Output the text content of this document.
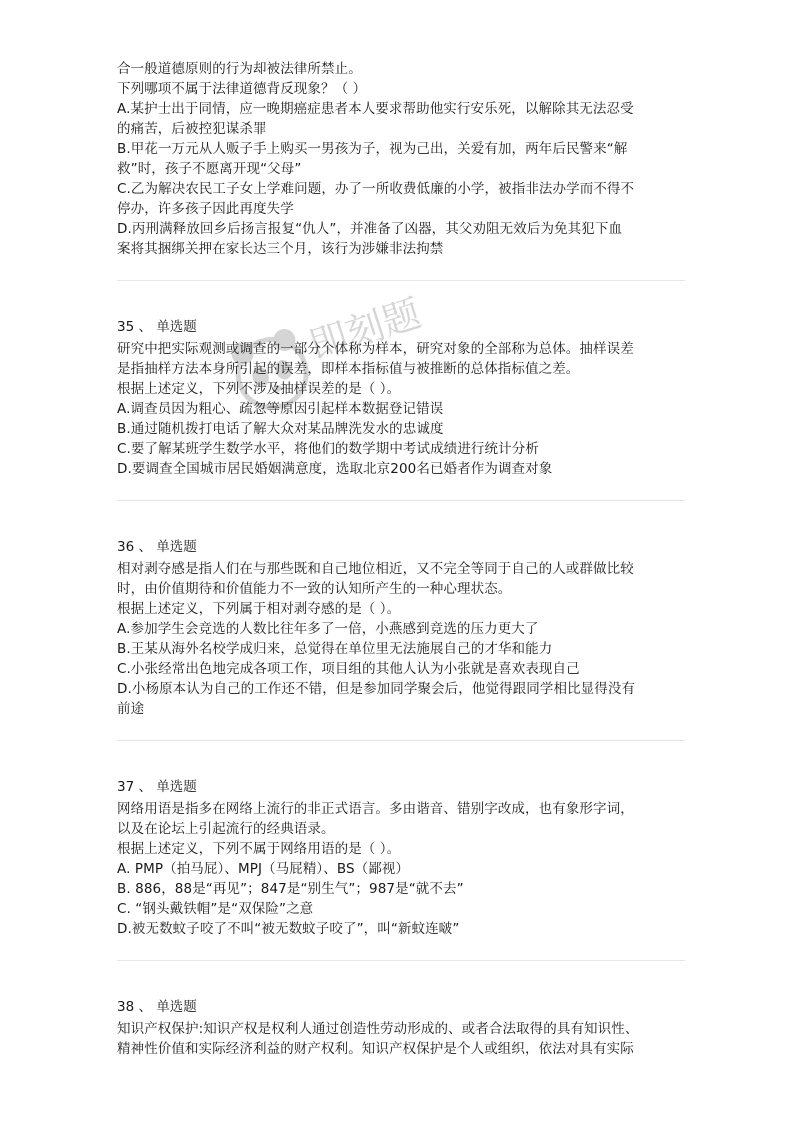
即刻题
合一般道德原则的行为却被法律所禁止。
下列哪项不属于法律道德背反现象？（ ）
A.某护士出于同情，应一晚期癌症患者本人要求帮助他实行安乐死，以解除其无法忍受
的痛苦，后被控犯谋杀罪
B.甲花一万元从人贩子手上购买一男孩为子，视为己出，关爱有加，两年后民警来“解
救”时，孩子不愿离开现“父母”
C.乙为解决农民工子女上学难问题，办了一所收费低廉的小学，被指非法办学而不得不
停办，许多孩子因此再度失学
D.丙刑满释放回乡后扬言报复“仇人”，并准备了凶器，其父劝阻无效后为免其犯下血
案将其捆绑关押在家长达三个月，该行为涉嫌非法拘禁
35 、 单选题
研究中把实际观测或调查的一部分个体称为样本，研究对象的全部称为总体。抽样误差
是指抽样方法本身所引起的误差，即样本指标值与被推断的总体指标值之差。
根据上述定义，下列不涉及抽样误差的是（ ）。
A.调查员因为粗心、疏忽等原因引起样本数据登记错误
B.通过随机拨打电话了解大众对某品牌洗发水的忠诚度
C.要了解某班学生数学水平，将他们的数学期中考试成绩进行统计分析
D.要调查全国城市居民婚姻满意度，选取北京200名已婚者作为调查对象
36 、 单选题
相对剥夺感是指人们在与那些既和自己地位相近，又不完全等同于自己的人或群做比较
时，由价值期待和价值能力不一致的认知所产生的一种心理状态。
根据上述定义，下列属于相对剥夺感的是（ ）。
A.参加学生会竞选的人数比往年多了一倍，小燕感到竞选的压力更大了
B.王某从海外名校学成归来，总觉得在单位里无法施展自己的才华和能力
C.小张经常出色地完成各项工作，项目组的其他人认为小张就是喜欢表现自己
D.小杨原本认为自己的工作还不错，但是参加同学聚会后，他觉得跟同学相比显得没有
前途
37 、 单选题
网络用语是指多在网络上流行的非正式语言。多由谐音、错别字改成，也有象形字词，
以及在论坛上引起流行的经典语录。
根据上述定义，下列不属于网络用语的是（ ）。
A. PMP（拍马屁）、MPJ（马屁精）、BS（鄙视）
B. 886，88是“再见”；847是“别生气”；987是“就不去”
C. “钢头戴铁帽”是“双保险”之意
D.被无数蚊子咬了不叫“被无数蚊子咬了”，叫“新蚊连啵”
38 、 单选题
知识产权保护:知识产权是权利人通过创造性劳动形成的、或者合法取得的具有知识性、
精神性价值和实际经济利益的财产权利。知识产权保护是个人或组织，依法对具有实际
